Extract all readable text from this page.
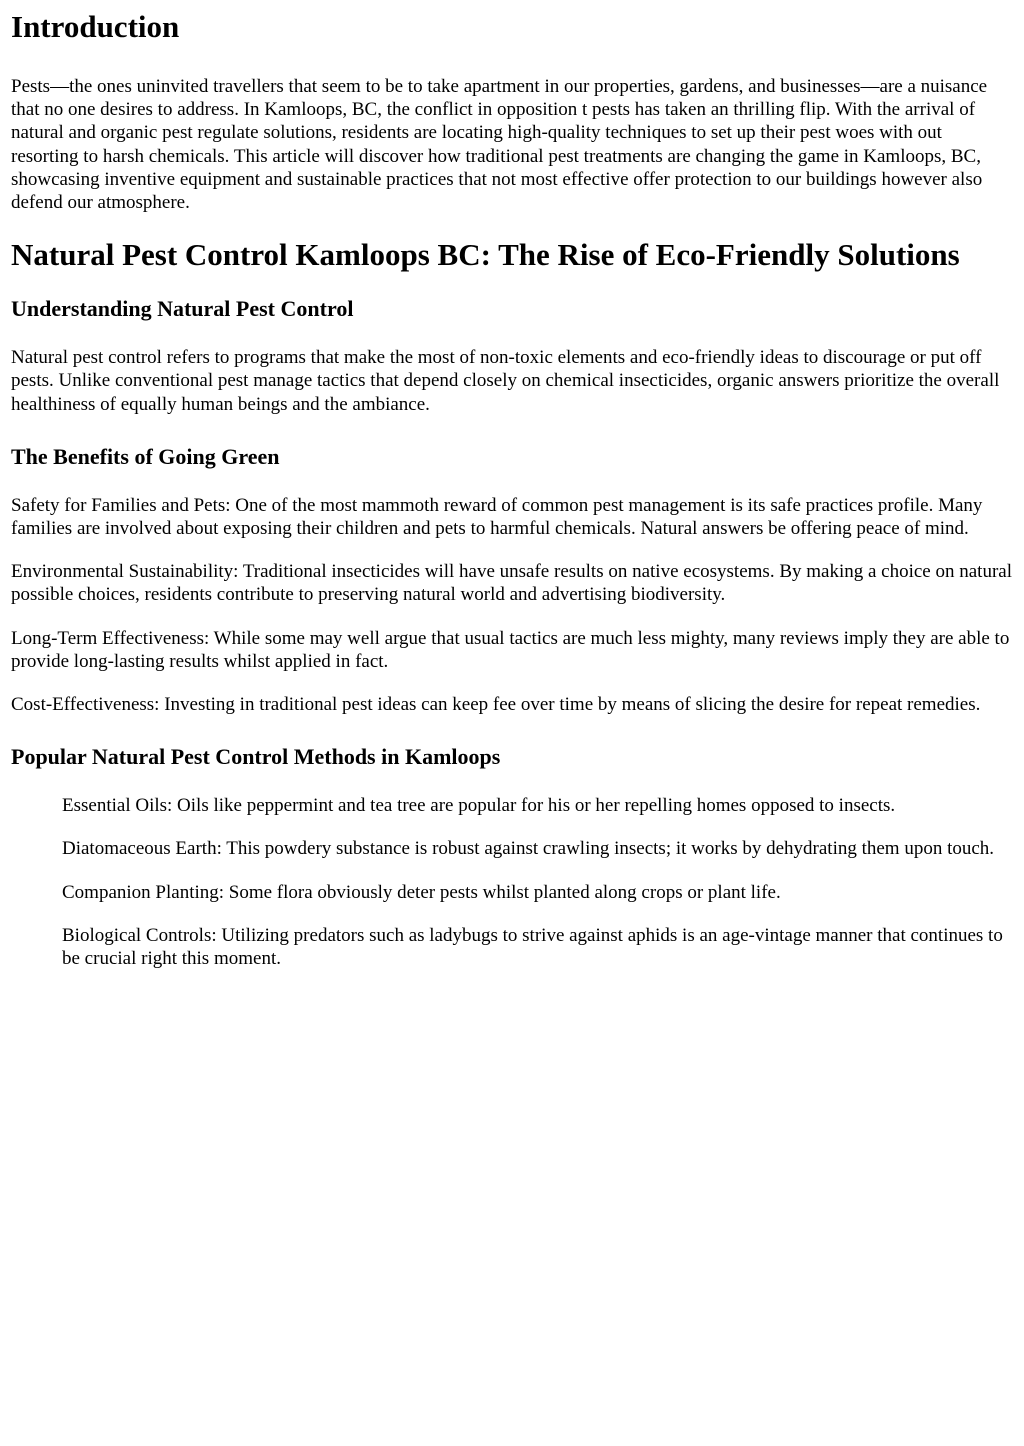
Introduction

Pests—the ones uninvited travellers that seem to be to take apartment in our properties, gardens, and businesses—are a nuisance that no one desires to address. In Kamloops, BC, the conflict in opposition t pests has taken an thrilling flip. With the arrival of natural and organic pest regulate solutions, residents are locating high-quality techniques to set up their pest woes with out resorting to harsh chemicals. This article will discover how traditional pest treatments are changing the game in Kamloops, BC, showcasing inventive equipment and sustainable practices that not most effective offer protection to our buildings however also defend our atmosphere.

Natural Pest Control Kamloops BC: The Rise of Eco-Friendly Solutions
Understanding Natural Pest Control

Natural pest control refers to programs that make the most of non-toxic elements and eco-friendly ideas to discourage or put off pests. Unlike conventional pest manage tactics that depend closely on chemical insecticides, organic answers prioritize the overall healthiness of equally human beings and the ambiance.

The Benefits of Going Green

Safety for Families and Pets: One of the most mammoth reward of common pest management is its safe practices profile. Many families are involved about exposing their children and pets to harmful chemicals. Natural answers be offering peace of mind.

Environmental Sustainability: Traditional insecticides will have unsafe results on native ecosystems. By making a choice on natural possible choices, residents contribute to preserving natural world and advertising biodiversity.

Long-Term Effectiveness: While some may well argue that usual tactics are much less mighty, many reviews imply they are able to provide long-lasting results whilst applied in fact.

Cost-Effectiveness: Investing in traditional pest ideas can keep fee over time by means of slicing the desire for repeat remedies.

Popular Natural Pest Control Methods in Kamloops
Essential Oils: Oils like peppermint and tea tree are popular for his or her repelling homes opposed to insects.
Diatomaceous Earth: This powdery substance is robust against crawling insects; it works by dehydrating them upon touch.
Companion Planting: Some flora obviously deter pests whilst planted along crops or plant life.
Biological Controls: Utilizing predators such as ladybugs to strive against aphids is an age-vintage manner that continues to be crucial right this moment.
